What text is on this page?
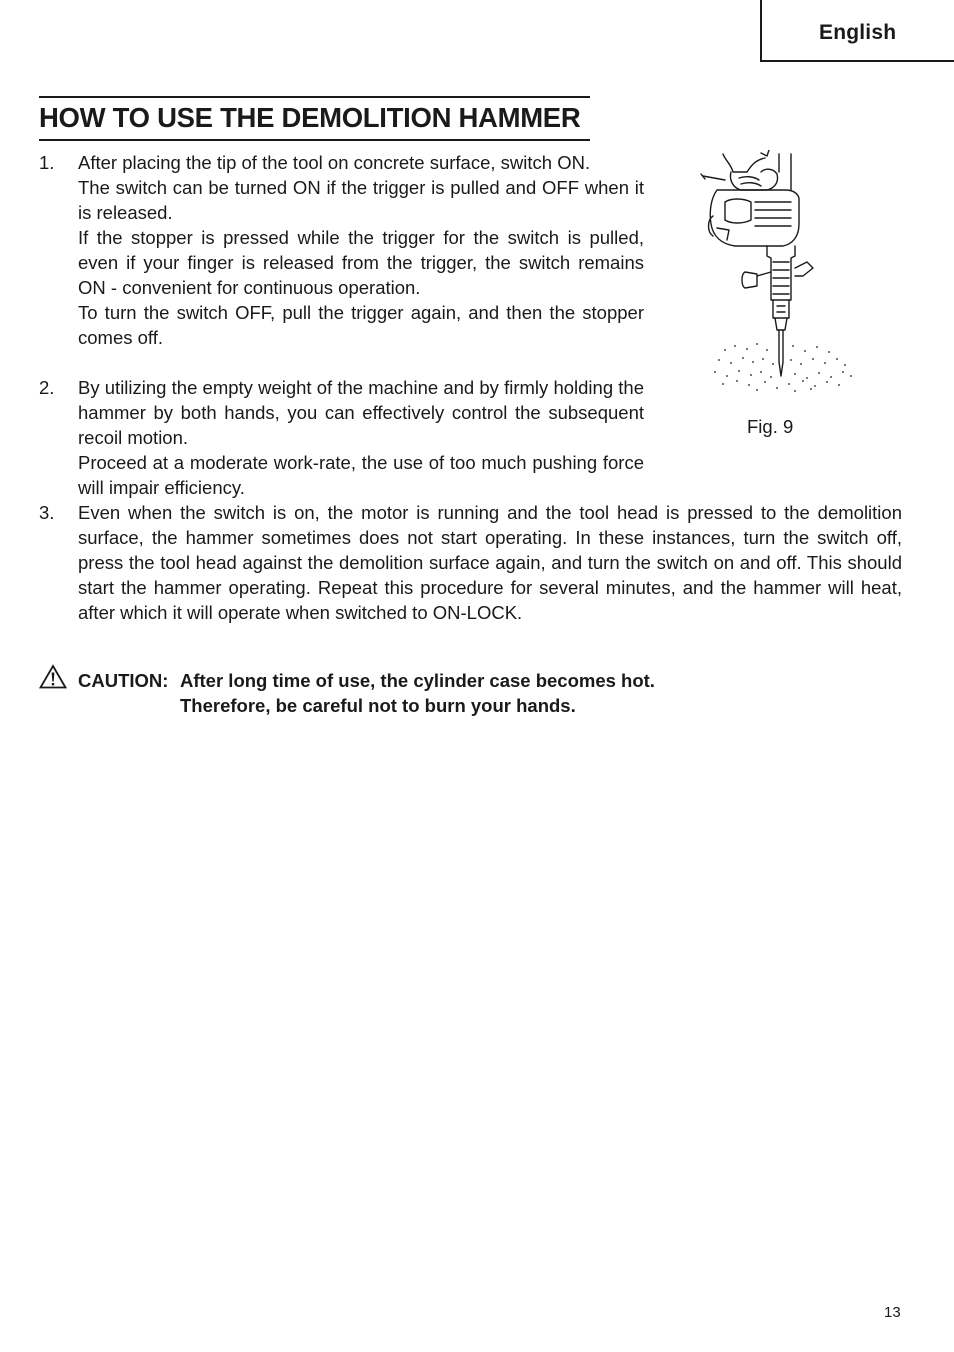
English
HOW TO USE THE DEMOLITION HAMMER
1. After placing the tip of the tool on concrete surface, switch ON.

The switch can be turned ON if the trigger is pulled and OFF when it is released.

If the stopper is pressed while the trigger for the switch is pulled, even if your finger is released from the trigger, the switch remains ON - convenient for continuous operation.

To turn the switch OFF, pull the trigger again, and then the stopper comes off.

2. By utilizing the empty weight of the machine and by firmly holding the hammer by both hands, you can effectively control the subsequent recoil motion.

Proceed at a moderate work-rate, the use of too much pushing force will impair efficiency.

3. Even when the switch is on, the motor is running and the tool head is pressed to the demolition surface, the hammer sometimes does not start operating. In these instances, turn the switch off, press the tool head against the demolition surface again, and turn the switch on and off. This should start the hammer operating. Repeat this procedure for several minutes, and the hammer will heat, after which it will operate when switched to ON-LOCK.

Fig. 9
CAUTION: After long time of use, the cylinder case becomes hot.
Therefore, be careful not to burn your hands.
13
